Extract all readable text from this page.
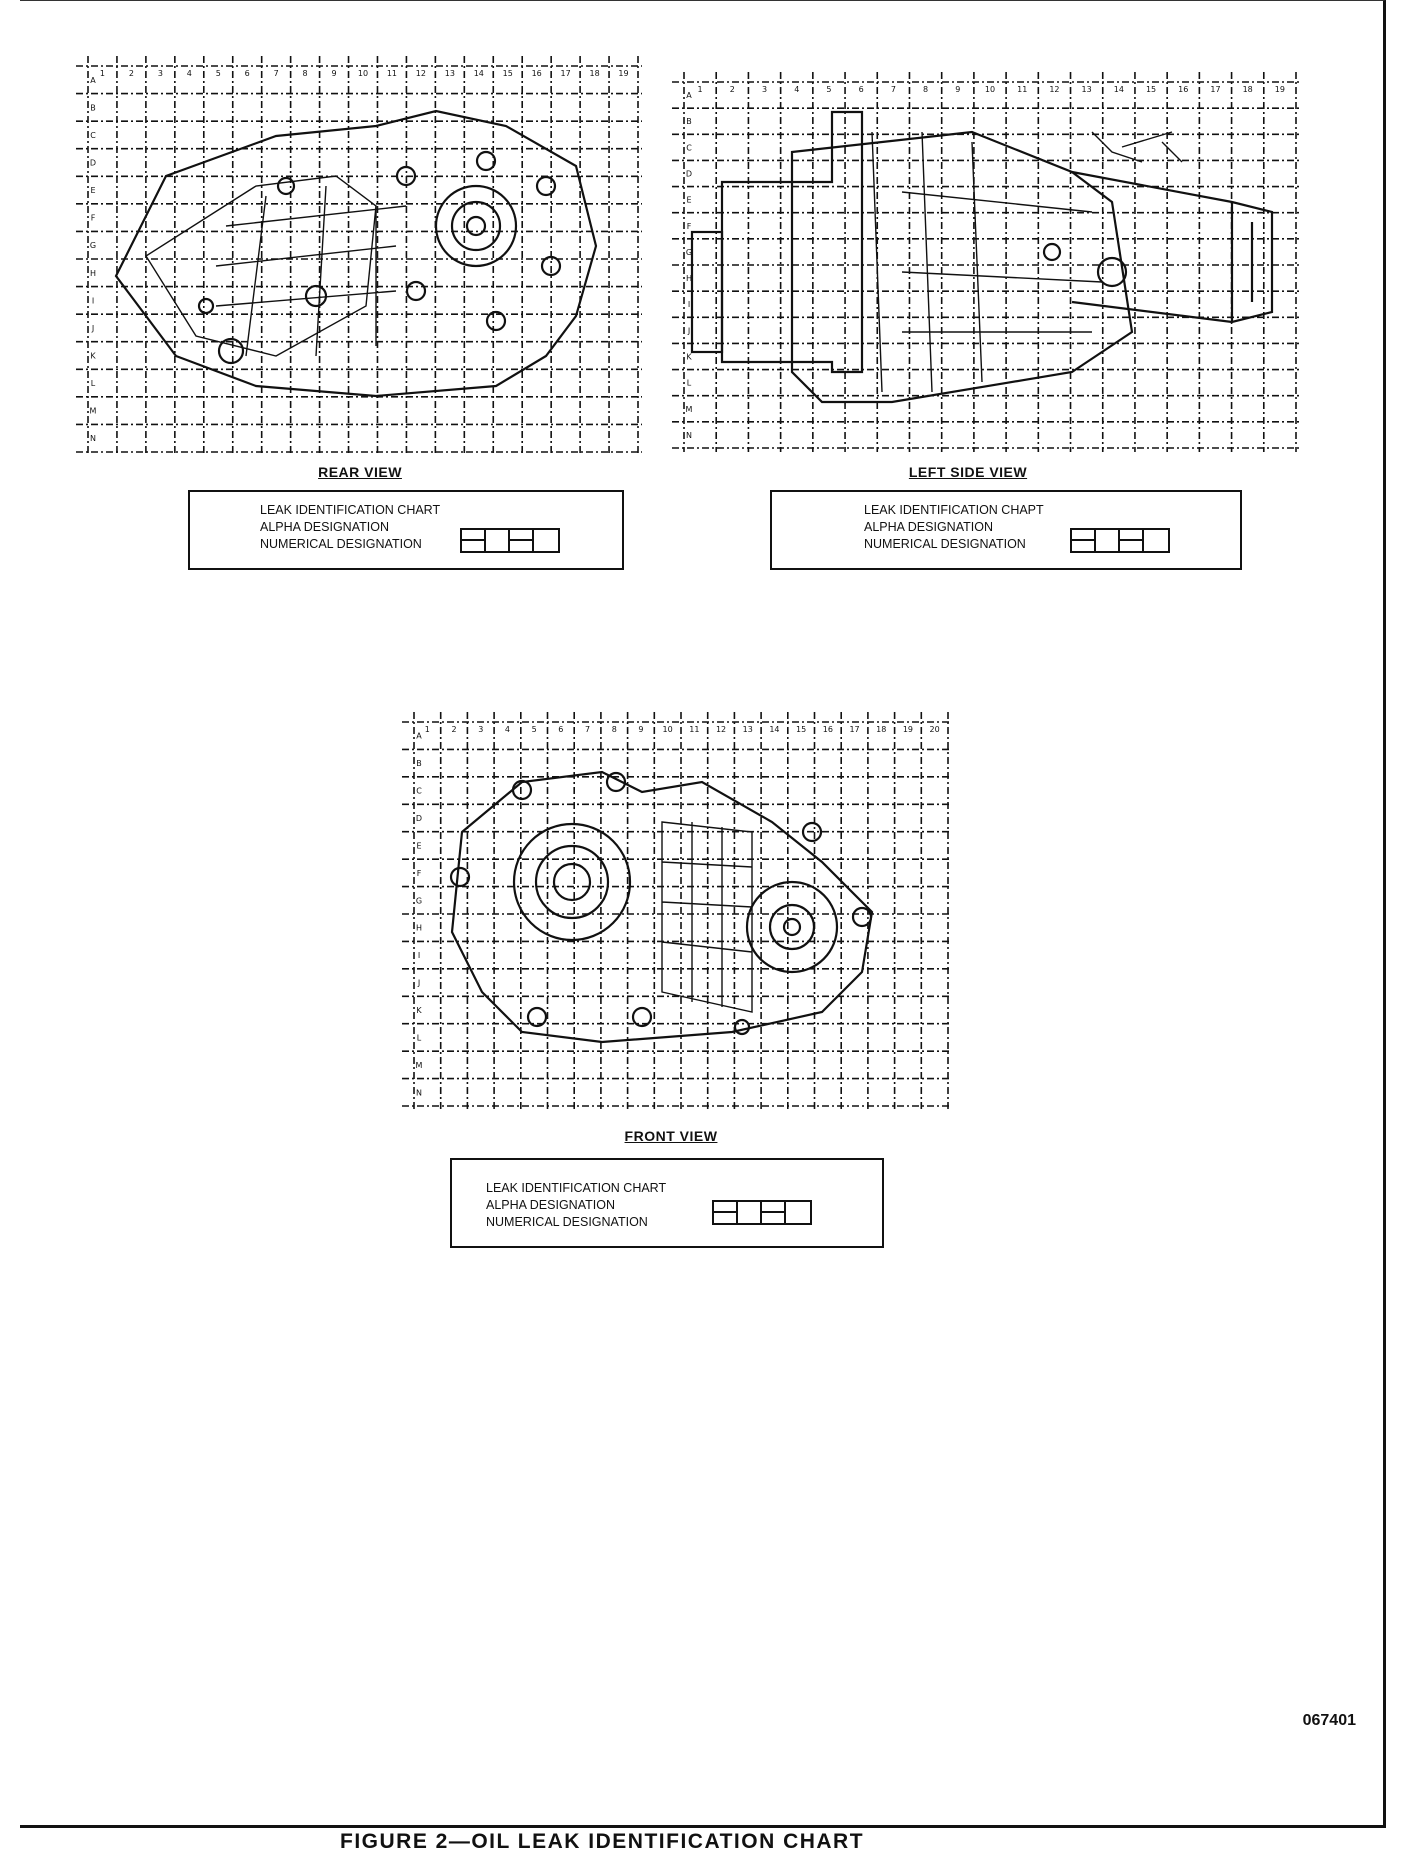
1	2	3	4	5	6	7	8	9	10 11 12 13 14 15 16 17 18 19
A
B
C
D
E
F
G
H
I
J
K
L
M
N
REAR VIEW
LEAK IDENTIFICATION CHART
ALPHA DESIGNATION
NUMERICAL DESIGNATION
1	2	3	4	5	6	7	8	9	10	11	12	13	14	15	16	17	18	19
A
B
C
D
E
F
G
H
I
J
K
L
M
N
LEFT SIDE VIEW
LEAK IDENTIFICATION CHAPT
ALPHA DESIGNATION
NUMERICAL DESIGNATION
1	2	3	4	5	6	7	8	9 10 11 12 13 14 15 16 17 18 19 20
A
B
C
D
E
F
G
H
I
J
K
L
M
N
FRONT VIEW
LEAK IDENTIFICATION CHART
ALPHA DESIGNATION
NUMERICAL DESIGNATION
067401
FIGURE 2—OIL LEAK IDENTIFICATION CHART
